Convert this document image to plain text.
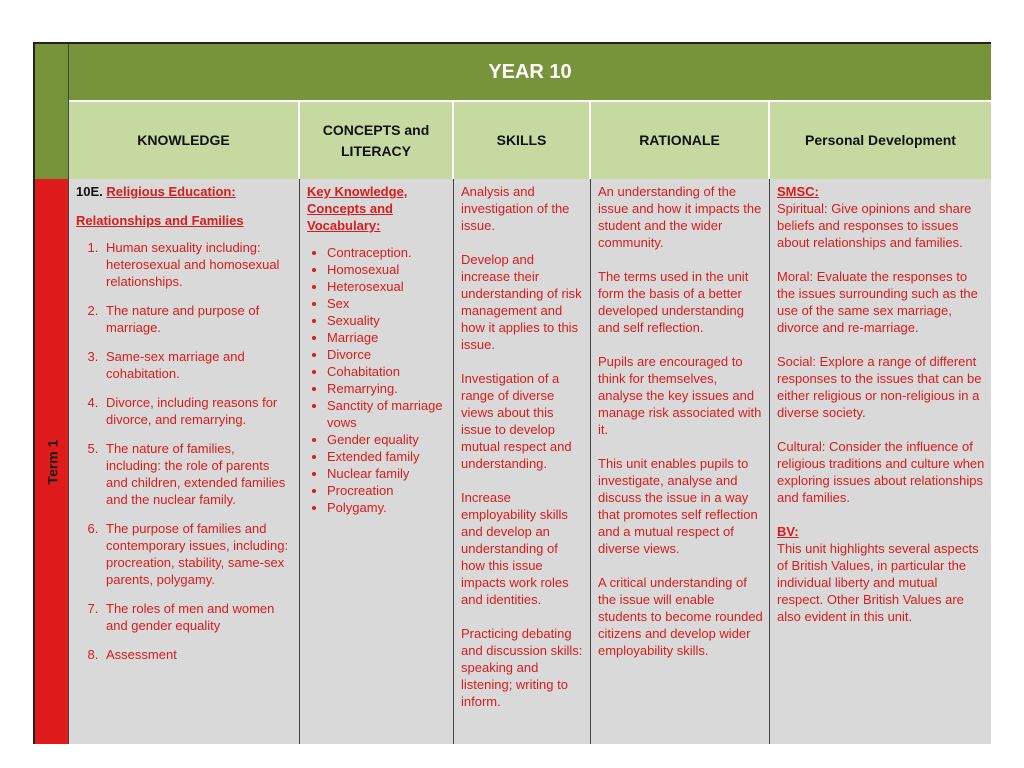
Term 1
YEAR 10
KNOWLEDGE
CONCEPTS and LITERACY
SKILLS	RATIONALE	Personal Development
10E. Religious Education:
Relationships and Families
1. Human sexuality including: heterosexual and homosexual relationships.
2. The nature and purpose of marriage.
3. Same-sex marriage and cohabitation.
4. Divorce, including reasons for divorce, and remarrying.
5. The nature of families, including: the role of parents and children, extended families and the nuclear family.
6. The purpose of families and contemporary issues, including: procreation, stability, same-sex parents, polygamy.
7. The roles of men and women and gender equality
8. Assessment
Key Knowledge, Concepts and Vocabulary:
• Contraception.
• Homosexual
• Heterosexual
• Sex
• Sexuality
• Marriage
• Divorce
• Cohabitation
• Remarrying.
• Sanctity of marriage vows
• Gender equality
• Extended family
• Nuclear family
• Procreation
• Polygamy.

Analysis and investigation of the issue.

Develop and increase their understanding of risk management and how it applies to this issue.

Investigation of a range of diverse views about this issue to develop mutual respect and understanding.

Increase employability skills and develop an understanding of how this issue impacts work roles and identities.

Practicing debating and discussion skills: speaking and listening; writing to inform.

An understanding of the issue and how it impacts the student and the wider community.

The terms used in the unit form the basis of a better developed understanding and self reflection.

Pupils are encouraged to think for themselves, analyse the key issues and manage risk associated with it.

This unit enables pupils to investigate, analyse and discuss the issue in a way that promotes self reflection and a mutual respect of diverse views.

A critical understanding of the issue will enable students to become rounded citizens and develop wider employability skills.

SMSC:

Spiritual: Give opinions and share beliefs and responses to issues about relationships and families.

Moral: Evaluate the responses to the issues surrounding such as the use of the same sex marriage, divorce and re-marriage.

Social: Explore a range of different responses to the issues that can be either religious or non-religious in a diverse society.

Cultural: Consider the influence of religious traditions and culture when exploring issues about relationships and families.

BV:

This unit highlights several aspects of British Values, in particular the individual liberty and mutual respect. Other British Values are also evident in this unit.
